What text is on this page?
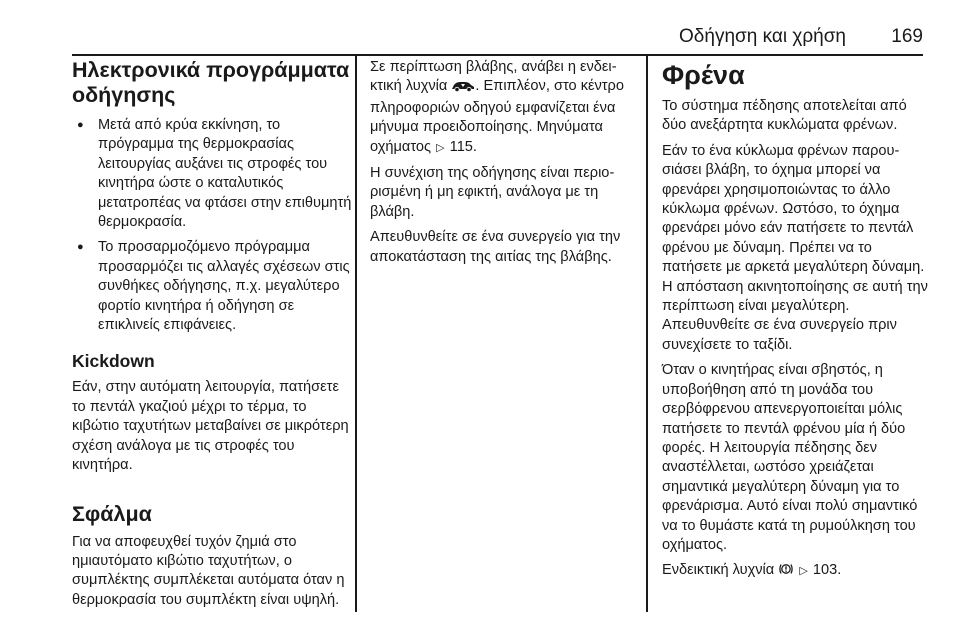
Οδήγηση και χρήση 169
Ηλεκτρονικά προγράμματα οδήγησης
● Μετά από κρύα εκκίνηση, το πρόγραμμα της θερμοκρασίας λειτουργίας αυξάνει τις στροφές του κινητήρα ώστε ο καταλυτικός μετατροπέας να φτάσει στην επιθυμητή θερμοκρασία.
● Το προσαρμοζόμενο πρόγραμμα προσαρμόζει τις αλλαγές σχέσεων στις συνθήκες οδήγησης, π.χ. μεγαλύτερο φορτίο κινητήρα ή οδήγηση σε επικλινείς επιφάνειες.
Kickdown

Εάν, στην αυτόματη λειτουργία, πατήσετε το πεντάλ γκαζιού μέχρι το τέρμα, το κιβώτιο ταχυτήτων μεταβαίνει σε μικρότερη σχέση ανάλογα με τις στροφές του κινητήρα.

Σφάλμα

Για να αποφευχθεί τυχόν ζημιά στο ημιαυτόματο κιβώτιο ταχυτήτων, ο συμπλέκτης συμπλέκεται αυτόματα όταν η θερμοκρασία του συμπλέκτη είναι υψηλή.

Σε περίπτωση βλάβης, ανάβει η ενδεικτική λυχνία . Επιπλέον, στο κέντρο πληροφοριών οδηγού εμφανίζεται ένα μήνυμα προειδοποίησης. Μηνύματα οχήματος ▷ 115.

Η συνέχιση της οδήγησης είναι περιορισμένη ή μη εφικτή, ανάλογα με τη βλάβη.

Απευθυνθείτε σε ένα συνεργείο για την αποκατάσταση της αιτίας της βλάβης.

Φρένα

Το σύστημα πέδησης αποτελείται από δύο ανεξάρτητα κυκλώματα φρένων.

Εάν το ένα κύκλωμα φρένων παρουσιάσει βλάβη, το όχημα μπορεί να φρενάρει χρησιμοποιώντας το άλλο κύκλωμα φρένων. Ωστόσο, το όχημα φρενάρει μόνο εάν πατήσετε το πεντάλ φρένου με δύναμη. Πρέπει να το πατήσετε με αρκετά μεγαλύτερη δύναμη. Η απόσταση ακινητοποίησης σε αυτή την περίπτωση είναι μεγαλύτερη. Απευθυνθείτε σε ένα συνεργείο πριν συνεχίσετε το ταξίδι.

Όταν ο κινητήρας είναι σβηστός, η υποβοήθηση από τη μονάδα του σερβόφρενου απενεργοποιείται μόλις πατήσετε το πεντάλ φρένου μία ή δύο φορές. Η λειτουργία πέδησης δεν αναστέλλεται, ωστόσο χρειάζεται σημαντικά μεγαλύτερη δύναμη για το φρενάρισμα. Αυτό είναι πολύ σημαντικό να το θυμάστε κατά τη ρυμούλκηση του οχήματος.

Ενδεικτική λυχνία ▷ 103.
